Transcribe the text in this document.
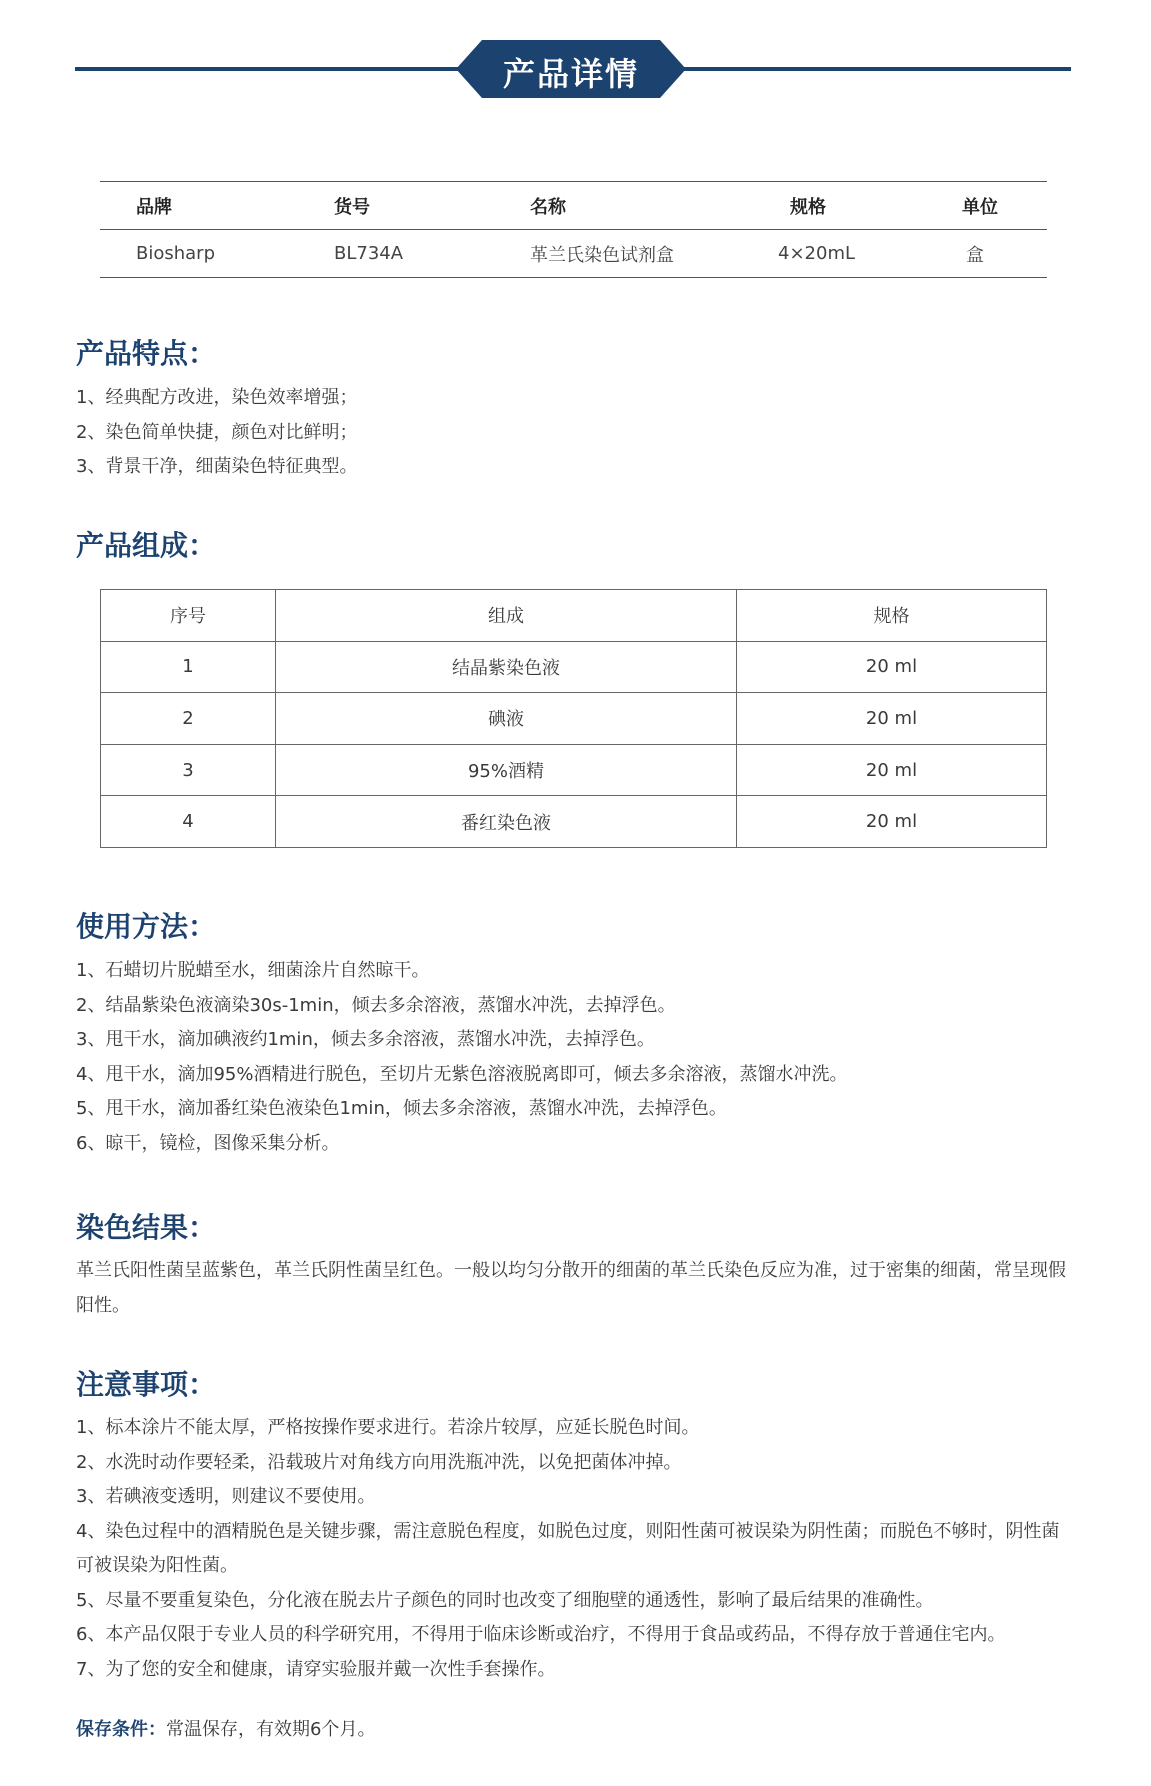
产品详情
品牌	货号	名称	规格	单位
Biosharp	BL734A	革兰氏染色试剂盒	4×20mL	盒
产品特点：
1、经典配方改进，染色效率增强；
2、染色简单快捷，颜色对比鲜明；
3、背景干净，细菌染色特征典型。
产品组成：
序号	组成	规格
1	结晶紫染色液	20 ml
2	碘液	20 ml
3	95%酒精	20 ml
4	番红染色液	20 ml
使用方法：
1、石蜡切片脱蜡至水，细菌涂片自然晾干。
2、结晶紫染色液滴染30s-1min，倾去多余溶液，蒸馏水冲洗，去掉浮色。
3、甩干水，滴加碘液约1min，倾去多余溶液，蒸馏水冲洗，去掉浮色。
4、甩干水，滴加95%酒精进行脱色，至切片无紫色溶液脱离即可，倾去多余溶液，蒸馏水冲洗。
5、甩干水，滴加番红染色液染色1min，倾去多余溶液，蒸馏水冲洗，去掉浮色。
6、晾干，镜检，图像采集分析。
染色结果：

革兰氏阳性菌呈蓝紫色，革兰氏阴性菌呈红色。一般以均匀分散开的细菌的革兰氏染色反应为准，过于密集的细菌，常呈现假阳性。

注意事项：
1、标本涂片不能太厚，严格按操作要求进行。若涂片较厚，应延长脱色时间。
2、水洗时动作要轻柔，沿载玻片对角线方向用洗瓶冲洗，以免把菌体冲掉。
3、若碘液变透明，则建议不要使用。
4、染色过程中的酒精脱色是关键步骤，需注意脱色程度，如脱色过度，则阳性菌可被误染为阴性菌；而脱色不够时，阴性菌可被误染为阳性菌。
5、尽量不要重复染色，分化液在脱去片子颜色的同时也改变了细胞壁的通透性，影响了最后结果的准确性。
6、本产品仅限于专业人员的科学研究用，不得用于临床诊断或治疗，不得用于食品或药品，不得存放于普通住宅内。
7、为了您的安全和健康，请穿实验服并戴一次性手套操作。
保存条件：常温保存，有效期6个月。
